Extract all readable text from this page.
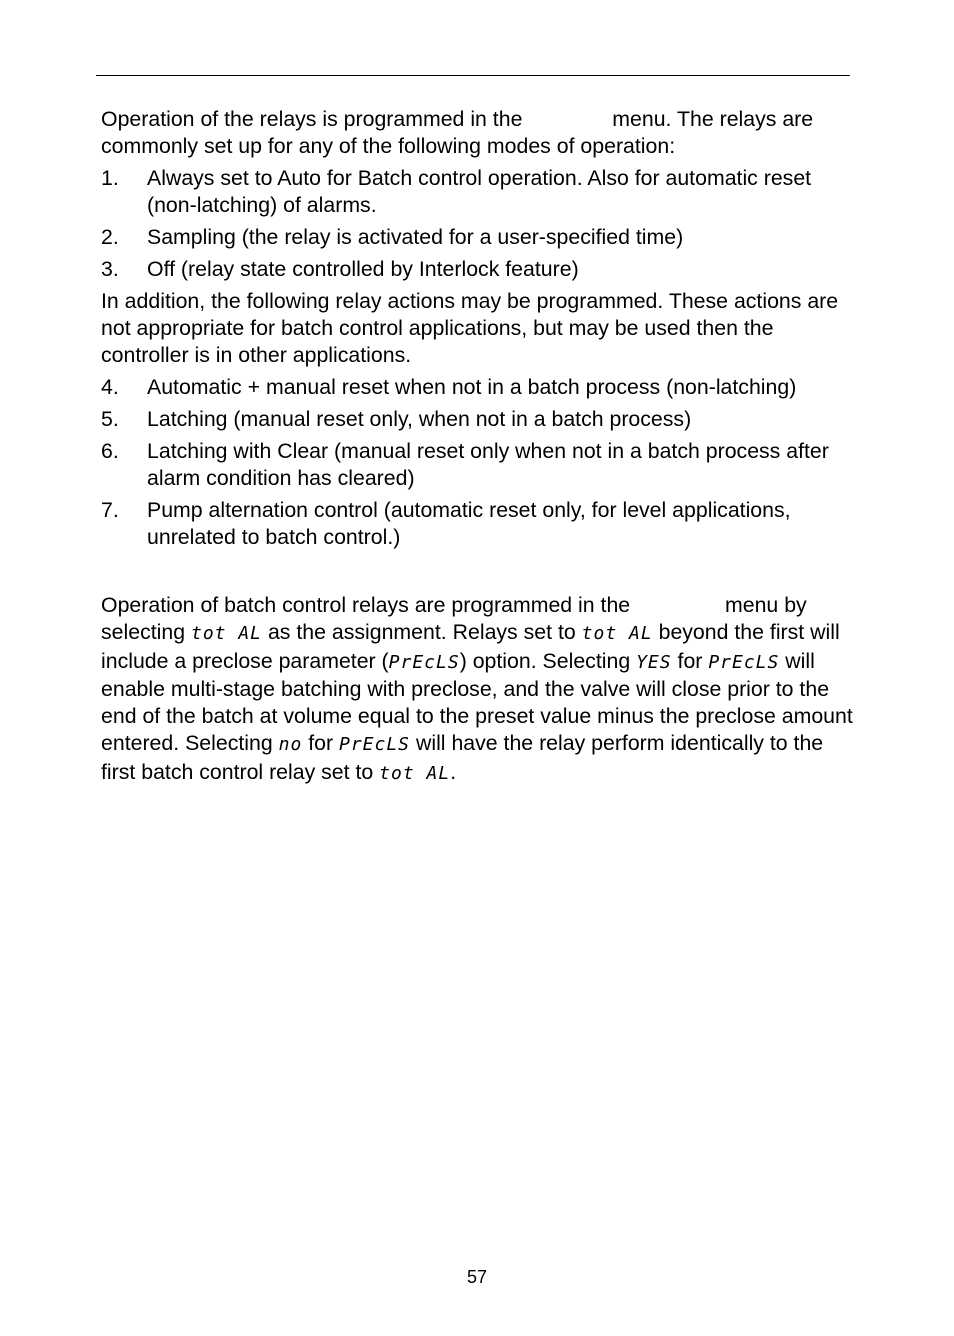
Operation of the relays is programmed in the	menu. The relays are commonly set up for any of the following modes of operation:

1. Always set to Auto for Batch control operation. Also for automatic reset (non-latching) of alarms.
2. Sampling (the relay is activated for a user-specified time)
3. Off (relay state controlled by Interlock feature)

In addition, the following relay actions may be programmed. These actions are not appropriate for batch control applications, but may be used then the controller is in other applications.

4. Automatic + manual reset when not in a batch process (non-latching)
5. Latching (manual reset only, when not in a batch process)
6. Latching with Clear (manual reset only when not in a batch process after alarm condition has cleared)
7. Pump alternation control (automatic reset only, for level applications, unrelated to batch control.)

Operation of batch control relays are programmed in the	menu by selecting tot AL as the assignment. Relays set to tot AL beyond the first will include a preclose parameter (PrEcLS) option. Selecting YES for PrEcLS will enable multi-stage batching with preclose, and the valve will close prior to the end of the batch at volume equal to the preset value minus the preclose amount entered. Selecting no for PrEcLS will have the relay perform identically to the first batch control relay set to tot AL.

57
